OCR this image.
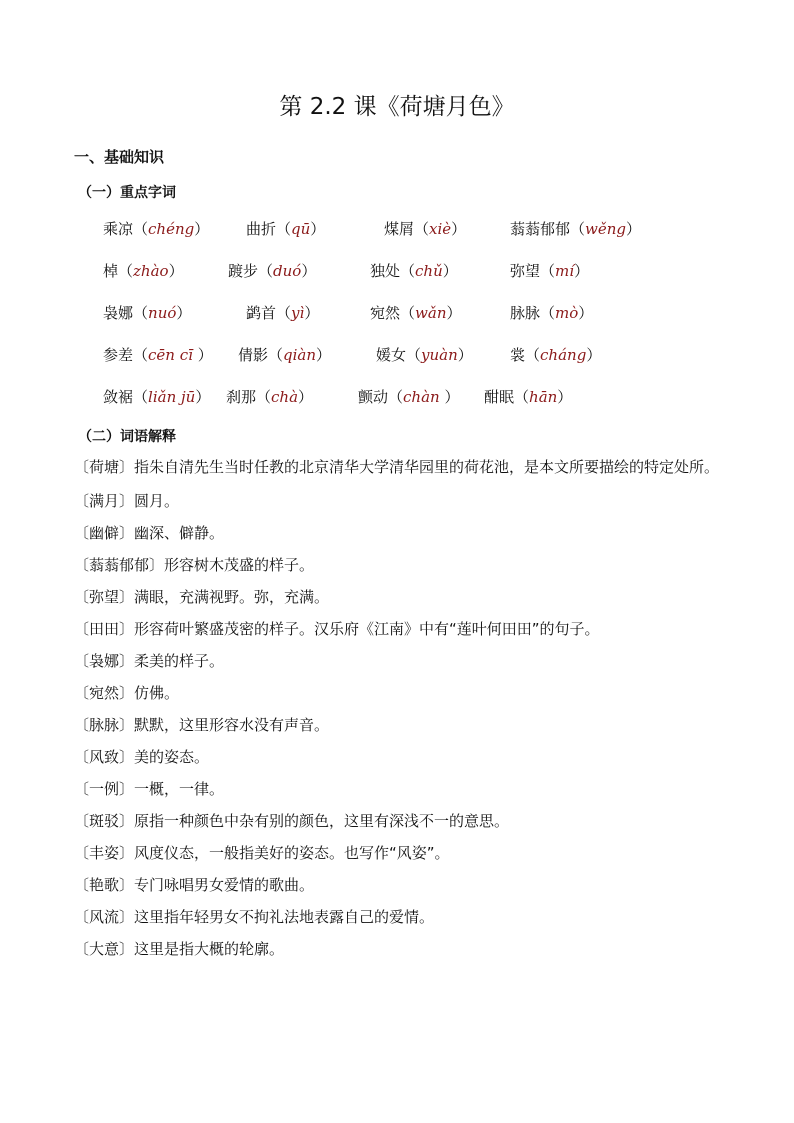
第 2.2 课《荷塘月色》
一、基础知识
（一）重点字词
乘凉（chéng） 曲折（qū）	煤屑（xiè）	蓊蓊郁郁（wěng）
棹（zhào）	踱步（duó）	独处（chǔ）	弥望（mí）
袅娜（nuó）	鹢首（yì）	宛然（wǎn）	脉脉（mò）
参差（cēn cī ） 倩影（qiàn）	媛女（yuàn） 裳（cháng）
敛裾（liǎn jū） 刹那（chà）	颤动（chàn ） 酣眠（hān）
（二）词语解释
〔荷塘〕指朱自清先生当时任教的北京清华大学清华园里的荷花池，是本文所要描绘的特定处所。
〔满月〕圆月。
〔幽僻〕幽深、僻静。
〔蓊蓊郁郁〕形容树木茂盛的样子。
〔弥望〕满眼，充满视野。弥，充满。
〔田田〕形容荷叶繁盛茂密的样子。汉乐府《江南》中有“莲叶何田田”的句子。
〔袅娜〕柔美的样子。
〔宛然〕仿佛。
〔脉脉〕默默，这里形容水没有声音。
〔风致〕美的姿态。
〔一例〕一概，一律。
〔斑驳〕原指一种颜色中杂有别的颜色，这里有深浅不一的意思。
〔丰姿〕风度仪态，一般指美好的姿态。也写作“风姿”。
〔艳歌〕专门咏唱男女爱情的歌曲。
〔风流〕这里指年轻男女不拘礼法地表露自己的爱情。
〔大意〕这里是指大概的轮廓。
